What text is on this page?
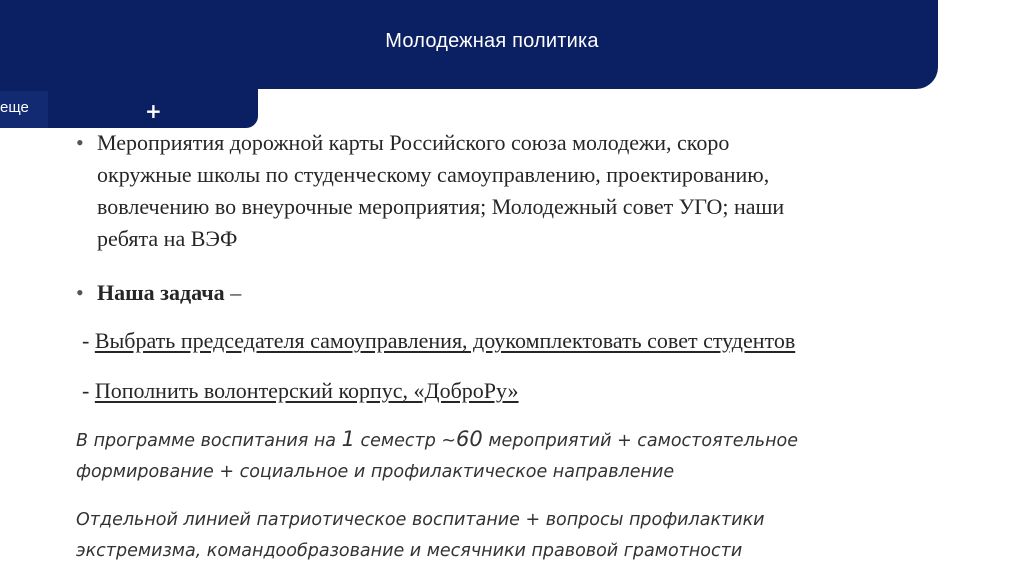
Молодежная политика
еще	+
• Мероприятия дорожной карты Российского союза молодежи, скоро
окружные школы по студенческому самоуправлению, проектированию,
вовлечению во внеурочные мероприятия; Молодежный совет УГО; наши
ребята на ВЭФ
• Наша задача –
- Выбрать председателя самоуправления, доукомплектовать совет студентов
- Пополнить волонтерский корпус, «ДоброРу»
В программе воспитания на 1 семестр ~60 мероприятий + самостоятельное
формирование + социальное и профилактическое направление
Отдельной линией патриотическое воспитание + вопросы профилактики
экстремизма, командообразование и месячники правовой грамотности
